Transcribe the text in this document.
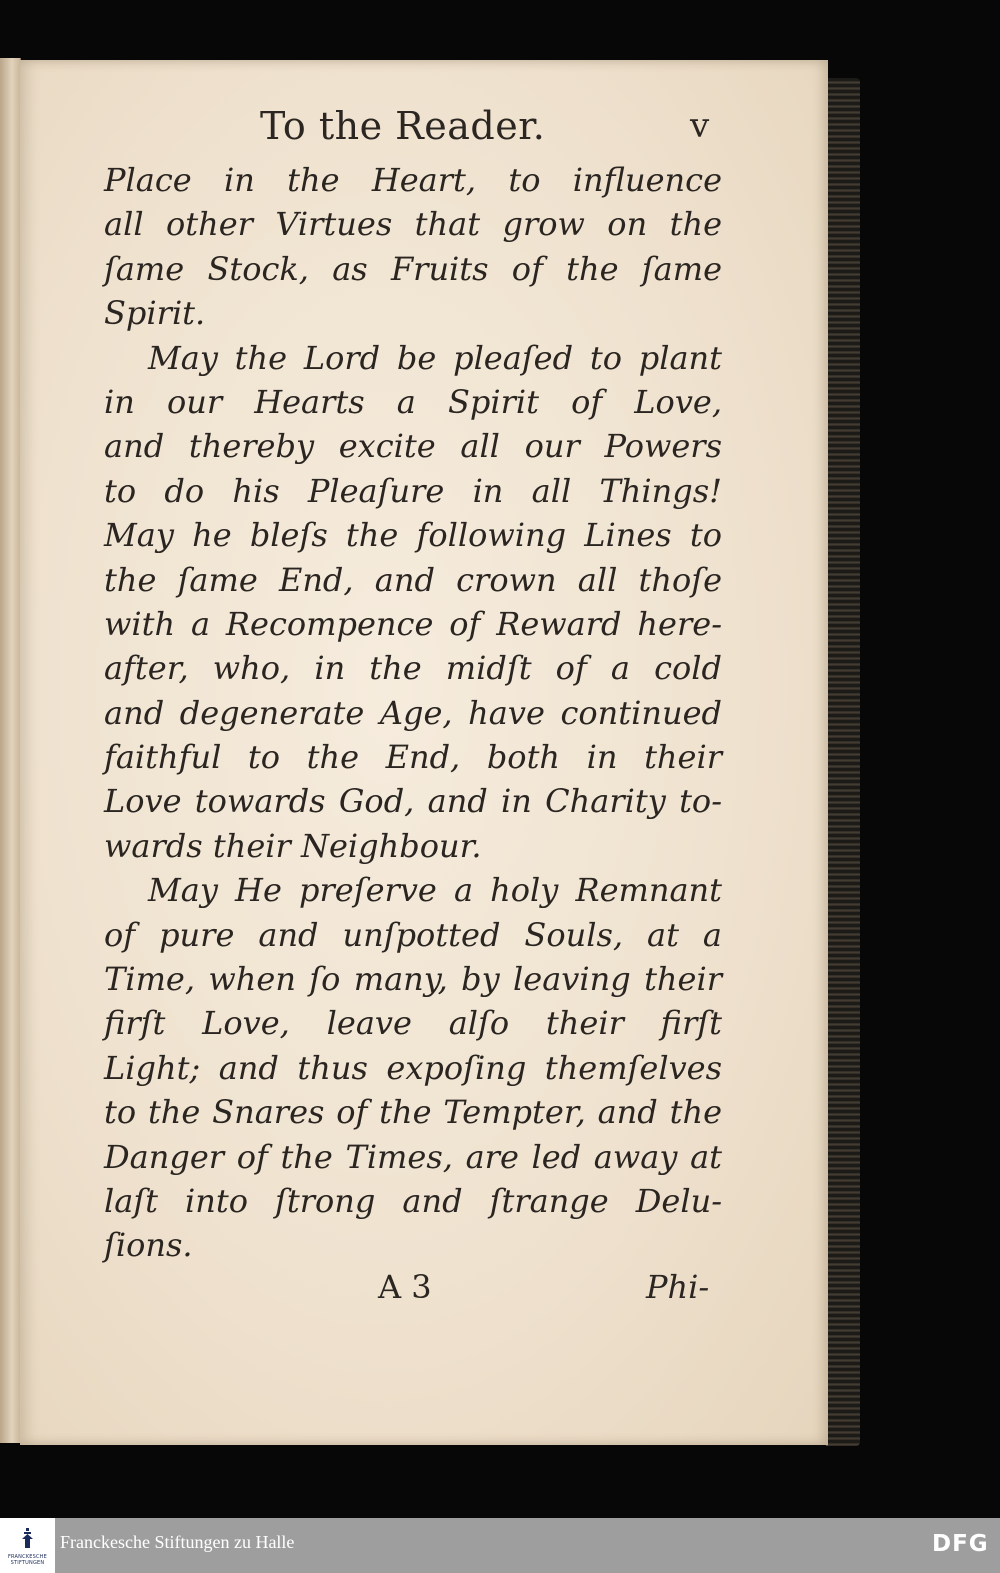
To the Reader.	v
Place in the Heart, to influence
all other Virtues that grow on the
ſame Stock, as Fruits of the ſame
Spirit.
May the Lord be pleaſed to plant
in our Hearts a Spirit of Love,
and thereby excite all our Powers
to do his Pleaſure in all Things!
May he bleſs the following Lines to
the ſame End, and crown all thoſe
with a Recompence of Reward here-
after, who, in the midſt of a cold
and degenerate Age, have continued
faithful to the End, both in their
Love towards God, and in Charity to-
wards their Neighbour.
May He preſerve a holy Remnant
of pure and unſpotted Souls, at a
Time, when ſo many, by leaving their
firſt Love, leave alſo their firſt
Light; and thus expoſing themſelves
to the Snares of the Tempter, and the
Danger of the Times, are led away at
laſt into ſtrong and ſtrange Delu-
ſions.
A 3	Phi-
FRANCKESCHE
STIFTUNGEN
Franckesche Stiftungen zu Halle	DFG
